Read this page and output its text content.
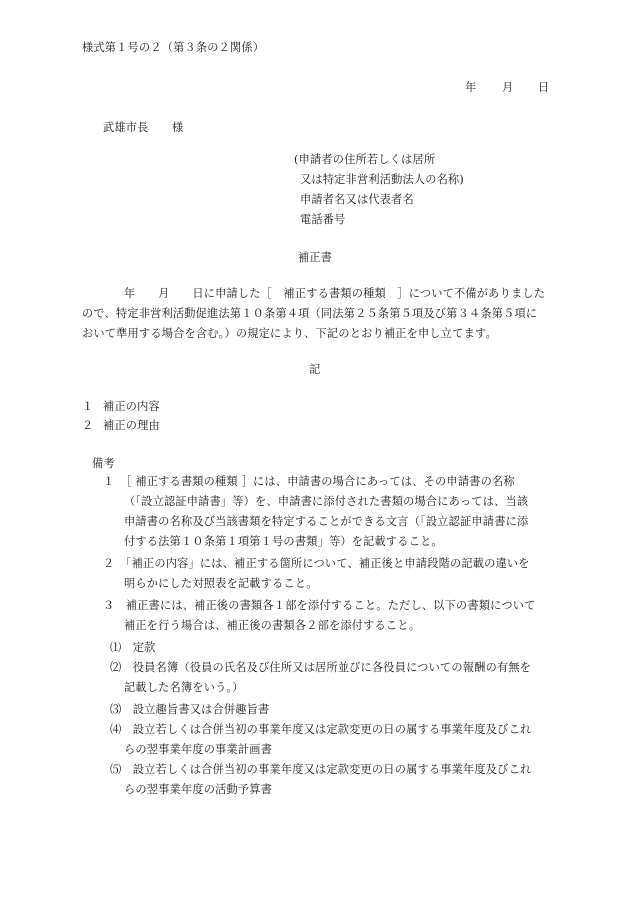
様式第１号の２（第３条の２関係）
年 月 日
武雄市長 様
(申請者の住所若しくは居所
又は特定非営利活動法人の名称)
申請者名又は代表者名
電話番号
補正書
年　　月　　日に申請した［　補正する書類の種類　］について不備がありました
ので、特定非営利活動促進法第１０条第４項（同法第２５条第５項及び第３４条第５項に
おいて準用する場合を含む。）の規定により、下記のとおり補正を申し立てます。
記
１ 補正の内容
２ 補正の理由
備考
１　［ 補正する書類の種類 ］には、申請書の場合にあっては、その申請書の名称
（「設立認証申請書」等）を、申請書に添付された書類の場合にあっては、当該
申請書の名称及び当該書類を特定することができる文言（「設立認証申請書に添
付する法第１０条第１項第１号の書類」等）を記載すること。
２　「補正の内容」には、補正する箇所について、補正後と申請段階の記載の違いを
明らかにした対照表を記載すること。
３　補正書には、補正後の書類各１部を添付すること。ただし、以下の書類について
補正を行う場合は、補正後の書類各２部を添付すること。
⑴　定款
⑵　役員名簿（役員の氏名及び住所又は居所並びに各役員についての報酬の有無を
記載した名簿をいう。）
⑶　設立趣旨書又は合併趣旨書
⑷　設立若しくは合併当初の事業年度又は定款変更の日の属する事業年度及びこれ
らの翌事業年度の事業計画書
⑸　設立若しくは合併当初の事業年度又は定款変更の日の属する事業年度及びこれ
らの翌事業年度の活動予算書
